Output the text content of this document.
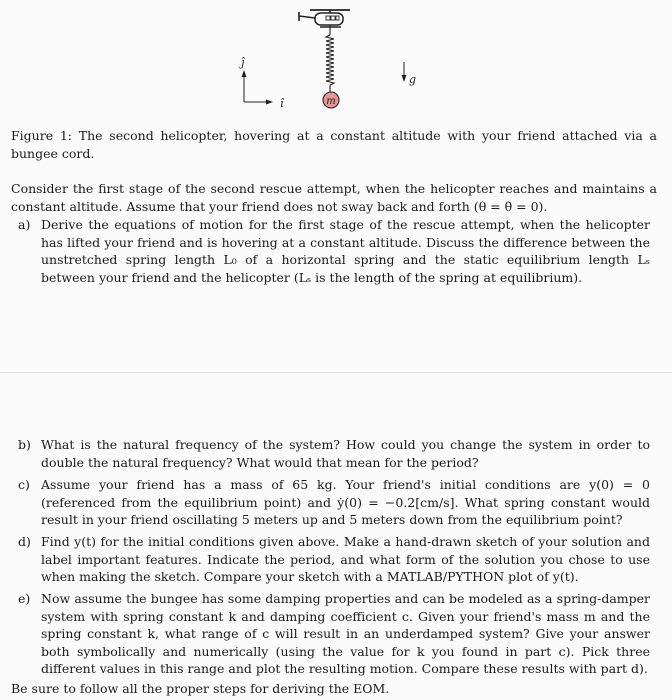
m
ĵ
î
g
Figure 1: The second helicopter, hovering at a constant altitude with your friend attached via a bungee cord.
Consider the first stage of the second rescue attempt, when the helicopter reaches and maintains a constant altitude. Assume that your friend does not sway back and forth (θ = θ̇ = 0).
a) Derive the equations of motion for the first stage of the rescue attempt, when the helicopter has lifted your friend and is hovering at a constant altitude. Discuss the difference between the unstretched spring length L₀ of a horizontal spring and the static equilibrium length Lₛ between your friend and the helicopter (Lₛ is the length of the spring at equilibrium).
b) What is the natural frequency of the system? How could you change the system in order to double the natural frequency? What would that mean for the period?
c) Assume your friend has a mass of 65 kg. Your friend's initial conditions are y(0) = 0 (referenced from the equilibrium point) and ẏ(0) = −0.2[cm/s]. What spring constant would result in your friend oscillating 5 meters up and 5 meters down from the equilibrium point?
d) Find y(t) for the initial conditions given above. Make a hand-drawn sketch of your solution and label important features. Indicate the period, and what form of the solution you chose to use when making the sketch. Compare your sketch with a MATLAB/PYTHON plot of y(t).
e) Now assume the bungee has some damping properties and can be modeled as a spring-damper system with spring constant k and damping coefficient c. Given your friend's mass m and the spring constant k, what range of c will result in an underdamped system? Give your answer both symbolically and numerically (using the value for k you found in part c). Pick three different values in this range and plot the resulting motion. Compare these results with part d).
Be sure to follow all the proper steps for deriving the EOM.
